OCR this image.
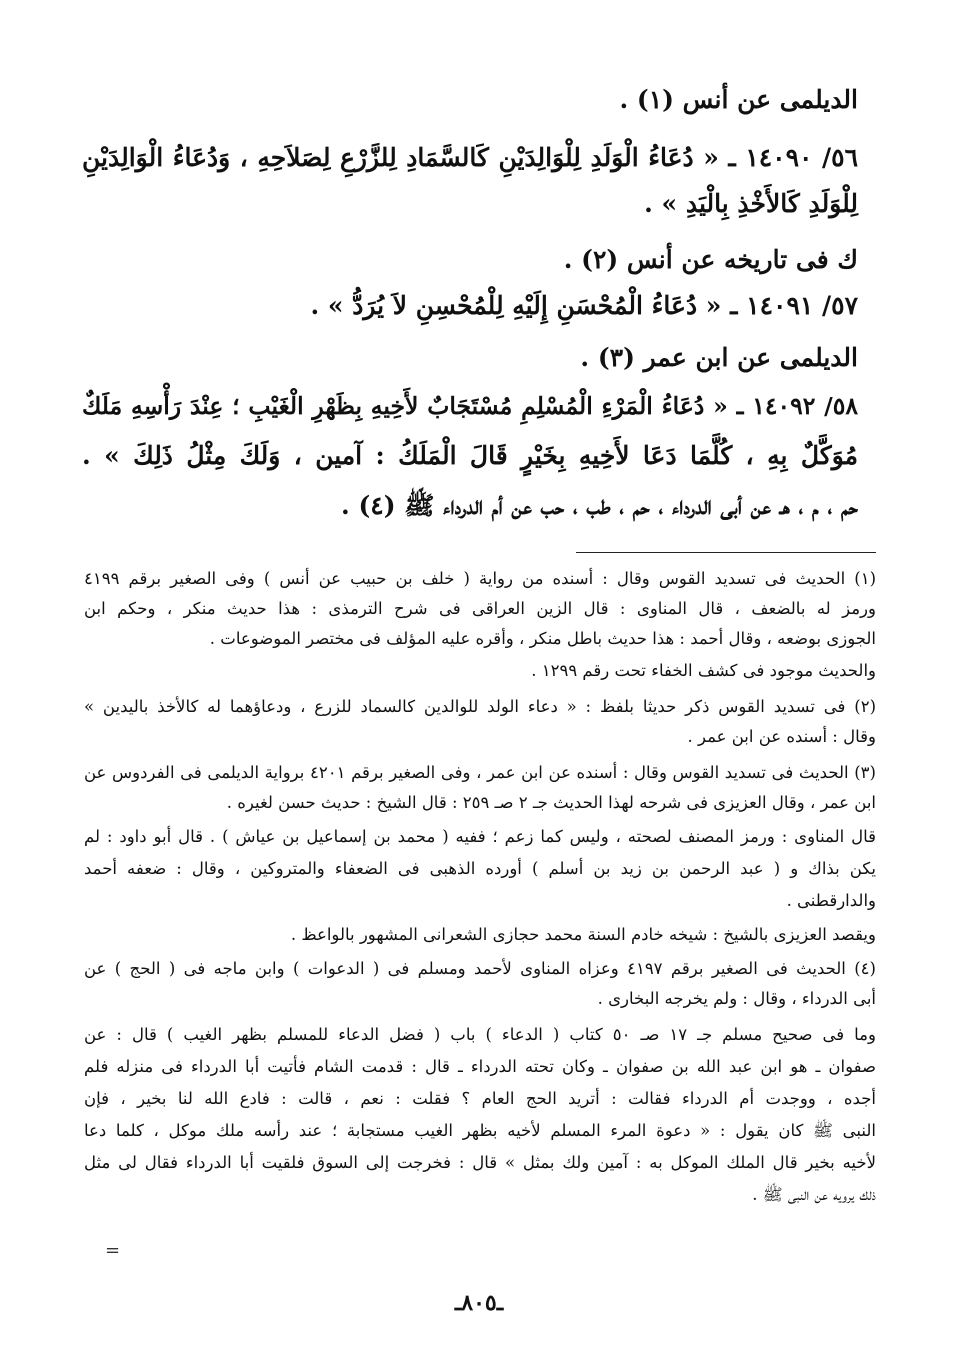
الديلمى عن أنس (١) .
٥٦/ ١٤٠٩٠ ـ « دُعَاءُ الْوَلَدِ لِلْوَالِدَيْنِ كَالسَّمَادِ لِلزَّرْعِ لِصَلاَحِهِ ، وَدُعَاءُ الْوَالِدَيْنِ
لِلْوَلَدِ كَالأَخْذِ بِالْيَدِ » .
ك فى تاريخه عن أنس (٢) .
٥٧/ ١٤٠٩١ ـ « دُعَاءُ الْمُحْسَنِ إِلَيْهِ لِلْمُحْسِنِ لاَ يُرَدُّ » .
الديلمى عن ابن عمر (٣) .
٥٨/ ١٤٠٩٢ ـ « دُعَاءُ الْمَرْءِ الْمُسْلِمِ مُسْتَجَابٌ لأَخِيهِ بِظَهْرِ الْغَيْبِ ؛ عِنْدَ رَأْسِهِ مَلَكٌ
مُوَكَّلٌ بِهِ ، كُلَّمَا دَعَا لأَخِيهِ بِخَيْرٍ قَالَ الْمَلَكُ : آمين ، وَلَكَ مِثْلُ ذَلِكَ » .
حم ، م ، هـ عن أبى الدرداء ، حم ، طب ، حب عن أم الدرداء ﷺ (٤) .
(١) الحديث فى تسديد القوس وقال : أسنده من رواية ( خلف بن حبيب عن أنس ) وفى الصغير برقم ٤١٩٩
ورمز له بالضعف ، قال المناوى : قال الزين العراقى فى شرح الترمذى : هذا حديث منكر ، وحكم ابن
الجوزى بوضعه ، وقال أحمد : هذا حديث باطل منكر ، وأقره عليه المؤلف فى مختصر الموضوعات .
والحديث موجود فى كشف الخفاء تحت رقم ١٢٩٩ .
(٢) فى تسديد القوس ذكر حديثا بلفظ : « دعاء الولد للوالدين كالسماد للزرع ، ودعاؤهما له كالأخذ باليدين »
وقال : أسنده عن ابن عمر .
(٣) الحديث فى تسديد القوس وقال : أسنده عن ابن عمر ، وفى الصغير برقم ٤٢٠١ برواية الديلمى فى الفردوس عن
ابن عمر ، وقال العزيزى فى شرحه لهذا الحديث جـ ٢ صـ ٢٥٩ : قال الشيخ : حديث حسن لغيره .
قال المناوى : ورمز المصنف لصحته ، وليس كما زعم ؛ ففيه ( محمد بن إسماعيل بن عياش ) . قال أبو داود : لم
يكن بذاك و ( عبد الرحمن بن زيد بن أسلم ) أورده الذهبى فى الضعفاء والمتروكين ، وقال : ضعفه أحمد
والدارقطنى .
ويقصد العزيزى بالشيخ : شيخه خادم السنة محمد حجازى الشعرانى المشهور بالواعظ .
(٤) الحديث فى الصغير برقم ٤١٩٧ وعزاه المناوى لأحمد ومسلم فى ( الدعوات ) وابن ماجه فى ( الحج ) عن
أبى الدرداء ، وقال : ولم يخرجه البخارى .
وما فى صحيح مسلم جـ ١٧ صـ ٥٠ كتاب ( الدعاء ) باب ( فضل الدعاء للمسلم بظهر الغيب ) قال : عن
صفوان ـ هو ابن عبد الله بن صفوان ـ وكان تحته الدرداء ـ قال : قدمت الشام فأتيت أبا الدرداء فى منزله فلم
أجده ، ووجدت أم الدرداء فقالت : أتريد الحج العام ؟ فقلت : نعم ، قالت : فادع الله لنا بخير ، فإن
النبى ﷺ كان يقول : « دعوة المرء المسلم لأخيه بظهر الغيب مستجابة ؛ عند رأسه ملك موكل ، كلما دعا
لأخيه بخير قال الملك الموكل به : آمين ولك بمثل » قال : فخرجت إلى السوق فلقيت أبا الدرداء فقال لى مثل
ذلك يرويه عن النبى ﷺ .
=
ـ٨٠٥ـ
